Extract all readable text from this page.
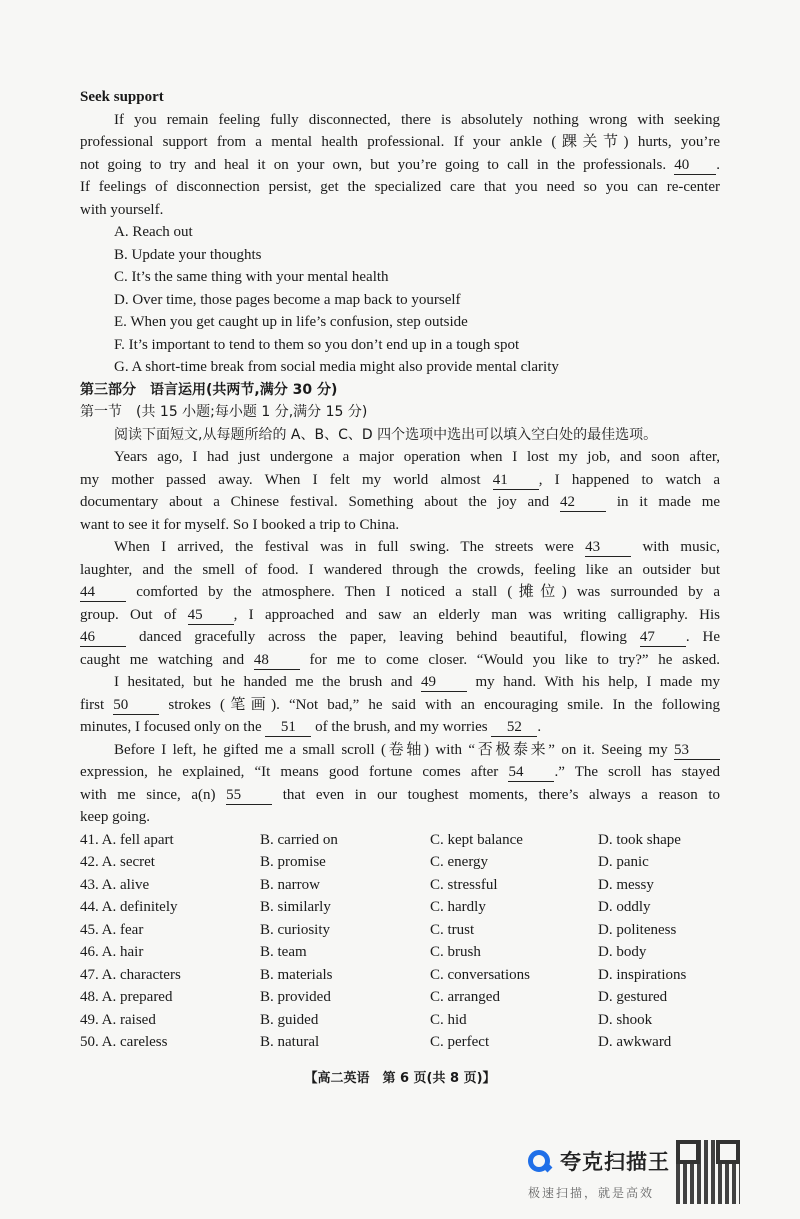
Seek support
If you remain feeling fully disconnected, there is absolutely nothing wrong with seeking
professional support from a mental health professional. If your ankle (踝关节) hurts, you’re
not going to try and heal it on your own, but you’re going to call in the professionals. 40 .
If feelings of disconnection persist, get the specialized care that you need so you can re-center
with yourself.
A. Reach out
B. Update your thoughts
C. It’s the same thing with your mental health
D. Over time, those pages become a map back to yourself
E. When you get caught up in life’s confusion, step outside
F. It’s important to tend to them so you don’t end up in a tough spot
G. A short-time break from social media might also provide mental clarity
第三部分　语言运用(共两节,满分 30 分)
第一节　(共 15 小题;每小题 1 分,满分 15 分)
阅读下面短文,从每题所给的 A、B、C、D 四个选项中选出可以填入空白处的最佳选项。
Years ago, I had just undergone a major operation when I lost my job, and soon after,
my mother passed away. When I felt my world almost 41 , I happened to watch a
documentary about a Chinese festival. Something about the joy and 42	in it made me
want to see it for myself. So I booked a trip to China.
When I arrived, the festival was in full swing. The streets were 43	with music,
laughter, and the smell of food. I wandered through the crowds, feeling like an outsider but
44	comforted by the atmosphere. Then I noticed a stall (摊位) was surrounded by a
group. Out of 45 , I approached and saw an elderly man was writing calligraphy. His
46	danced gracefully across the paper, leaving behind beautiful, flowing 47 . He
caught me watching and 48	for me to come closer. “Would you like to try?” he asked.
I hesitated, but he handed me the brush and 49	my hand. With his help, I made my
first 50	strokes (笔画). “Not bad,” he said with an encouraging smile. In the following
minutes, I focused only on the 51 of the brush, and my worries 52 .
Before I left, he gifted me a small scroll (卷轴) with “否极泰来” on it. Seeing my 53
expression, he explained, “It means good fortune comes after 54 .” The scroll has stayed
with me since, a(n) 55	that even in our toughest moments, there’s always a reason to
keep going.
41. A. fell apart	B. carried on	C. kept balance	D. took shape
42. A. secret	B. promise	C. energy	D. panic
43. A. alive	B. narrow	C. stressful	D. messy
44. A. definitely	B. similarly	C. hardly	D. oddly
45. A. fear	B. curiosity	C. trust	D. politeness
46. A. hair	B. team	C. brush	D. body
47. A. characters	B. materials	C. conversations	D. inspirations
48. A. prepared	B. provided	C. arranged	D. gestured
49. A. raised	B. guided	C. hid	D. shook
50. A. careless	B. natural	C. perfect	D. awkward
【高二英语　第 6 页(共 8 页)】
夸克扫描王
极速扫描，就是高效
